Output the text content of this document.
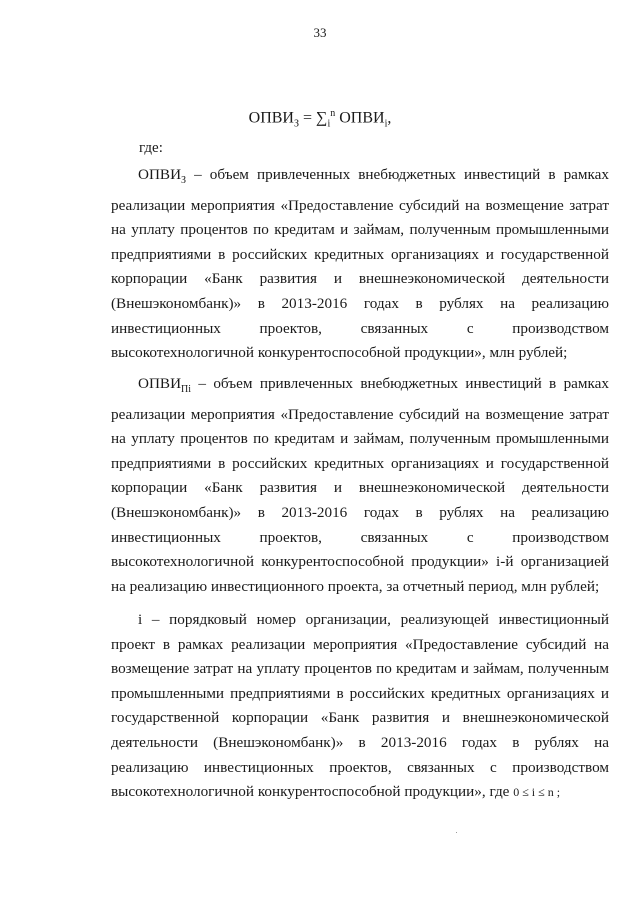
33
$ОПВИ_З = \sum_i^n$ $ОПВИ_i$,
где:
$ОПВИ_З$ – объем привлеченных внебюджетных инвестиций в рамках реализации мероприятия «Предоставление субсидий на возмещение затрат на уплату процентов по кредитам и займам, полученным промышленными предприятиями в российских кредитных организациях и государственной корпорации «Банк развития и внешнеэкономической деятельности (Внешэкономбанк)» в 2013-2016 годах в рублях на реализацию инвестиционных проектов, связанных с производством высокотехнологичной конкурентоспособной продукции», млн рублей;
$ОПВИ_{Пi}$ – объем привлеченных внебюджетных инвестиций в рамках реализации мероприятия «Предоставление субсидий на возмещение затрат на уплату процентов по кредитам и займам, полученным промышленными предприятиями в российских кредитных организациях и государственной корпорации «Банк развития и внешнеэкономической деятельности (Внешэкономбанк)» в 2013-2016 годах в рублях на реализацию инвестиционных проектов, связанных с производством высокотехнологичной конкурентоспособной продукции» i-й организацией на реализацию инвестиционного проекта, за отчетный период, млн рублей;
i – порядковый номер организации, реализующей инвестиционный проект в рамках реализации мероприятия «Предоставление субсидий на возмещение затрат на уплату процентов по кредитам и займам, полученным промышленными предприятиями в российских кредитных организациях и государственной корпорации «Банк развития и внешнеэкономической деятельности (Внешэкономбанк)» в 2013-2016 годах в рублях на реализацию инвестиционных проектов, связанных с производством высокотехнологичной конкурентоспособной продукции», где 0 ≤ i ≤ n ;
